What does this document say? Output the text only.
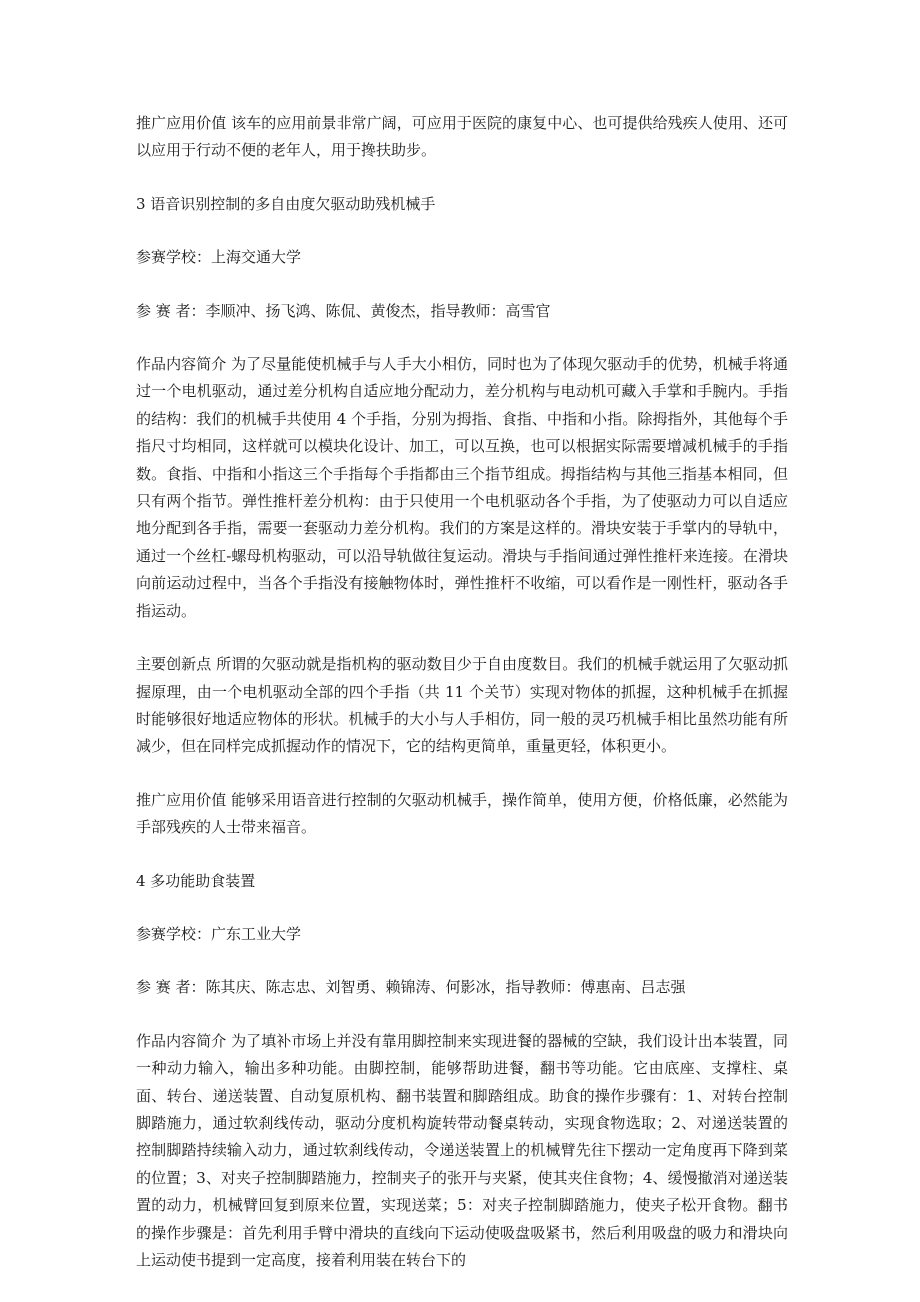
推广应用价值 该车的应用前景非常广阔，可应用于医院的康复中心、也可提供给残疾人使用、还可以应用于行动不便的老年人，用于搀扶助步。

3 语音识别控制的多自由度欠驱动助残机械手

参赛学校：上海交通大学

参 赛 者：李顺冲、扬飞鸿、陈侃、黄俊杰，指导教师：高雪官

作品内容简介 为了尽量能使机械手与人手大小相仿，同时也为了体现欠驱动手的优势，机械手将通过一个电机驱动，通过差分机构自适应地分配动力，差分机构与电动机可藏入手掌和手腕内。手指的结构：我们的机械手共使用 4 个手指，分别为拇指、食指、中指和小指。除拇指外，其他每个手指尺寸均相同，这样就可以模块化设计、加工，可以互换，也可以根据实际需要增减机械手的手指数。食指、中指和小指这三个手指每个手指都由三个指节组成。拇指结构与其他三指基本相同，但只有两个指节。弹性推杆差分机构：由于只使用一个电机驱动各个手指，为了使驱动力可以自适应地分配到各手指，需要一套驱动力差分机构。我们的方案是这样的。滑块安装于手掌内的导轨中，通过一个丝杠-螺母机构驱动，可以沿导轨做往复运动。滑块与手指间通过弹性推杆来连接。在滑块向前运动过程中，当各个手指没有接触物体时，弹性推杆不收缩，可以看作是一刚性杆，驱动各手指运动。

主要创新点 所谓的欠驱动就是指机构的驱动数目少于自由度数目。我们的机械手就运用了欠驱动抓握原理，由一个电机驱动全部的四个手指（共 11 个关节）实现对物体的抓握，这种机械手在抓握时能够很好地适应物体的形状。机械手的大小与人手相仿，同一般的灵巧机械手相比虽然功能有所减少，但在同样完成抓握动作的情况下，它的结构更简单，重量更轻，体积更小。

推广应用价值 能够采用语音进行控制的欠驱动机械手，操作简单，使用方便，价格低廉，必然能为手部残疾的人士带来福音。

4 多功能助食装置

参赛学校：广东工业大学

参 赛 者：陈其庆、陈志忠、刘智勇、赖锦涛、何影冰，指导教师：傅惠南、吕志强

作品内容简介 为了填补市场上并没有靠用脚控制来实现进餐的器械的空缺，我们设计出本装置，同一种动力输入，输出多种功能。由脚控制，能够帮助进餐，翻书等功能。它由底座、支撑柱、桌面、转台、递送装置、自动复原机构、翻书装置和脚踏组成。助食的操作步骤有：1、对转台控制脚踏施力，通过软刹线传动，驱动分度机构旋转带动餐桌转动，实现食物选取；2、对递送装置的控制脚踏持续输入动力，通过软刹线传动，令递送装置上的机械臂先往下摆动一定角度再下降到菜的位置；3、对夹子控制脚踏施力，控制夹子的张开与夹紧，使其夹住食物；4、缓慢撤消对递送装置的动力，机械臂回复到原来位置，实现送菜；5：对夹子控制脚踏施力，使夹子松开食物。翻书的操作步骤是：首先利用手臂中滑块的直线向下运动使吸盘吸紧书，然后利用吸盘的吸力和滑块向上运动使书提到一定高度，接着利用装在转台下的
